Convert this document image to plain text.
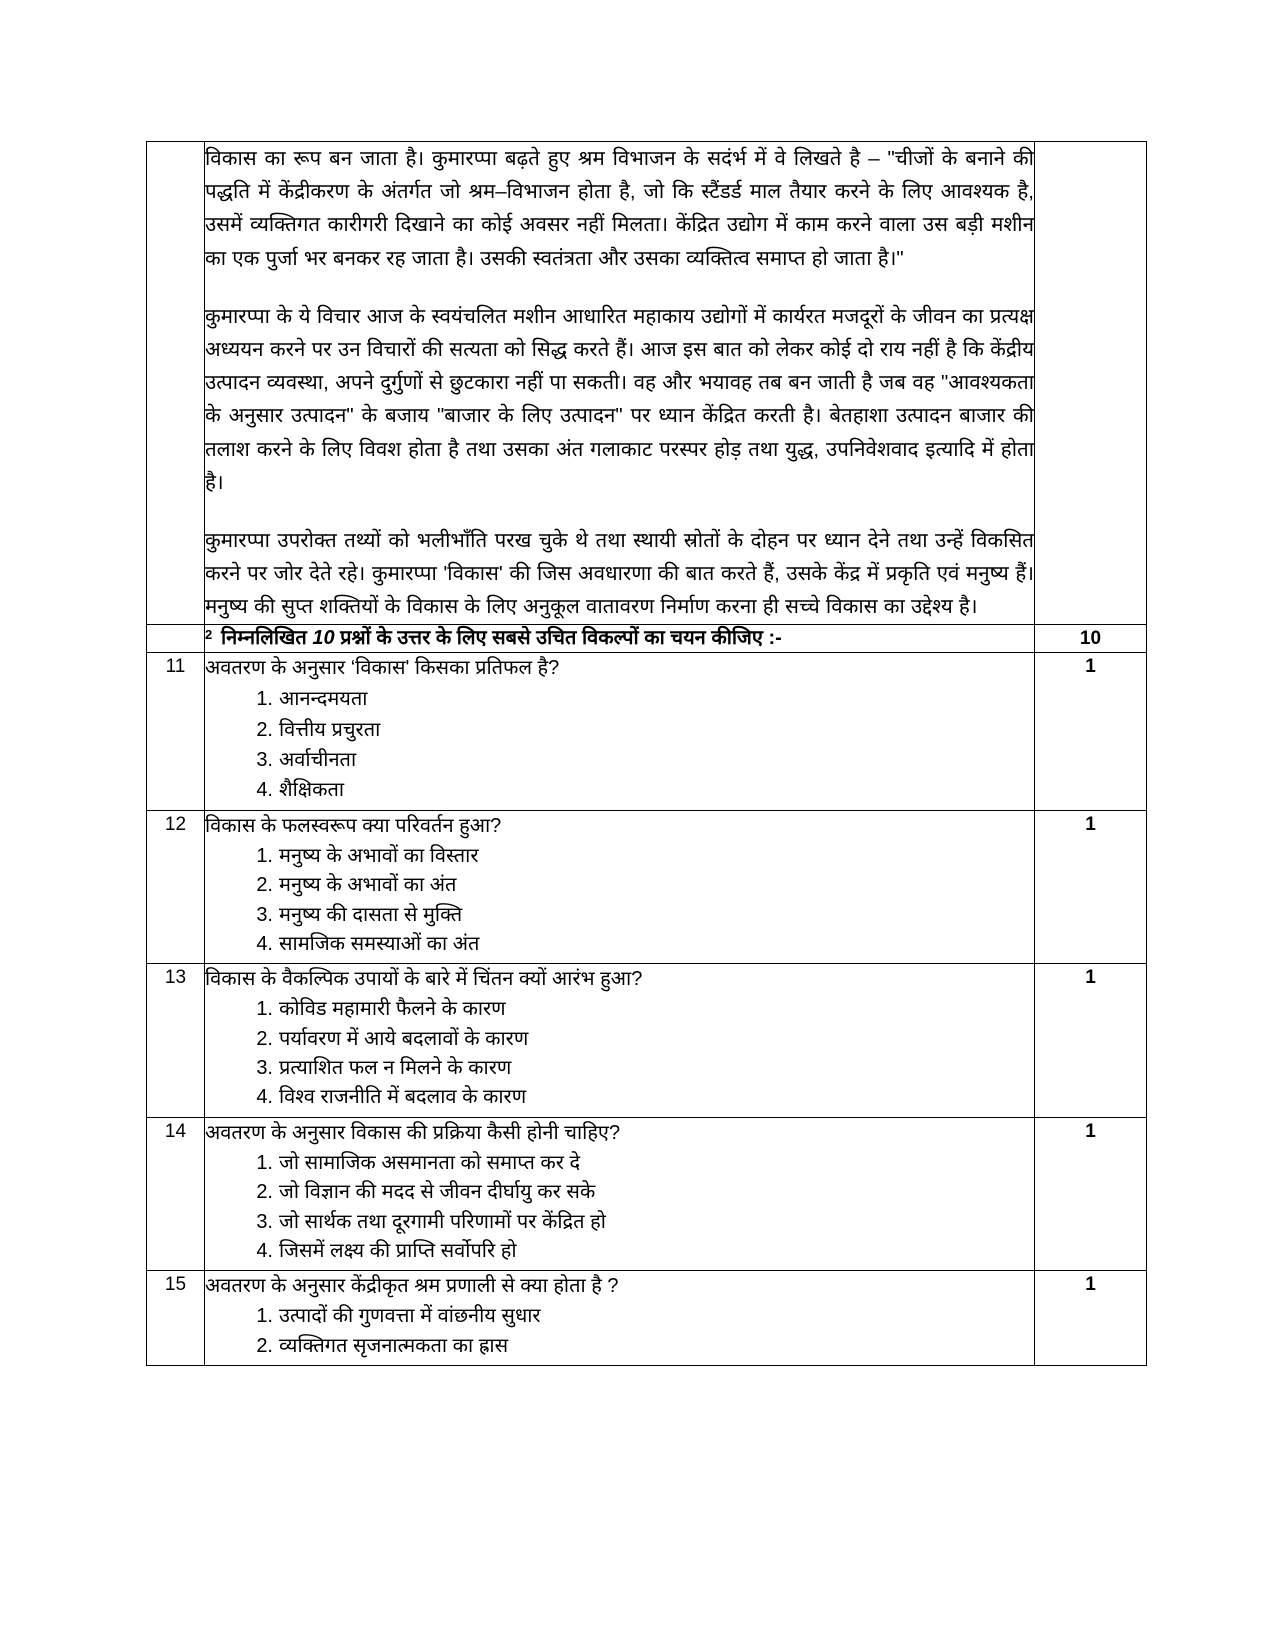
	विकास का रूप बन जाता है। कुमारप्पा बढ़ते हुए श्रम विभाजन के सदंर्भ में वे लिखते है – "चीजों के बनाने की पद्धति में केंद्रीकरण के अंतर्गत जो श्रम–विभाजन होता है, जो कि स्टैंडर्ड माल तैयार करने के लिए आवश्यक है, उसमें व्यक्तिगत कारीगरी दिखाने का कोई अवसर नहीं मिलता। केंद्रित उद्योग में काम करने वाला उस बड़ी मशीन का एक पुर्जा भर बनकर रह जाता है। उसकी स्वतंत्रता और उसका व्यक्तित्व समाप्त हो जाता है।"

कुमारप्पा के ये विचार आज के स्वयंचलित मशीन आधारित महाकाय उद्योगों में कार्यरत मजदूरों के जीवन का प्रत्यक्ष अध्ययन करने पर उन विचारों की सत्यता को सिद्ध करते हैं। आज इस बात को लेकर कोई दो राय नहीं है कि केंद्रीय उत्पादन व्यवस्था, अपने दुर्गुणों से छुटकारा नहीं पा सकती। वह और भयावह तब बन जाती है जब वह "आवश्यकता के अनुसार उत्पादन" के बजाय "बाजार के लिए उत्पादन" पर ध्यान केंद्रित करती है। बेतहाशा उत्पादन बाजार की तलाश करने के लिए विवश होता है तथा उसका अंत गलाकाट परस्पर होड़ तथा युद्ध, उपनिवेशवाद इत्यादि में होता है।

कुमारप्पा उपरोक्त तथ्यों को भलीभाँति परख चुके थे तथा स्थायी स्रोतों के दोहन पर ध्यान देने तथा उन्हें विकसित करने पर जोर देते रहे। कुमारप्पा 'विकास' की जिस अवधारणा की बात करते हैं, उसके केंद्र में प्रकृति एवं मनुष्य हैं। मनुष्य की सुप्त शक्तियों के विकास के लिए अनुकूल वातावरण निर्माण करना ही सच्चे विकास का उद्देश्य है।	

	2 निम्नलिखित 10 प्रश्नों के उत्तर के लिए सबसे उचित विकल्पों का चयन कीजिए :-	10
11	अवतरण के अनुसार ‘विकास' किसका प्रतिफल है?
1. आनन्दमयता
2. वित्तीय प्रचुरता
3. अर्वाचीनता
4. शैक्षिकता
	1
12	विकास के फलस्वरूप क्या परिवर्तन हुआ?
1. मनुष्य के अभावों का विस्तार
2. मनुष्य के अभावों का अंत
3. मनुष्य की दासता से मुक्ति
4. सामजिक समस्याओं का अंत
	1
13	विकास के वैकल्पिक उपायों के बारे में चिंतन क्यों आरंभ हुआ?
1. कोविड महामारी फैलने के कारण
2. पर्यावरण में आये बदलावों के कारण
3. प्रत्याशित फल न मिलने के कारण
4. विश्व राजनीति में बदलाव के कारण
	1
14	अवतरण के अनुसार विकास की प्रक्रिया कैसी होनी चाहिए?
1. जो सामाजिक असमानता को समाप्त कर दे
2. जो विज्ञान की मदद से जीवन दीर्घायु कर सके
3. जो सार्थक तथा दूरगामी परिणामों पर केंद्रित हो
4. जिसमें लक्ष्य की प्राप्ति सर्वोपरि हो
	1
15	अवतरण के अनुसार केंद्रीकृत श्रम प्रणाली से क्या होता है ?
1. उत्पादों की गुणवत्ता में वांछनीय सुधार
2. व्यक्तिगत सृजनात्मकता का ह्रास
	1
